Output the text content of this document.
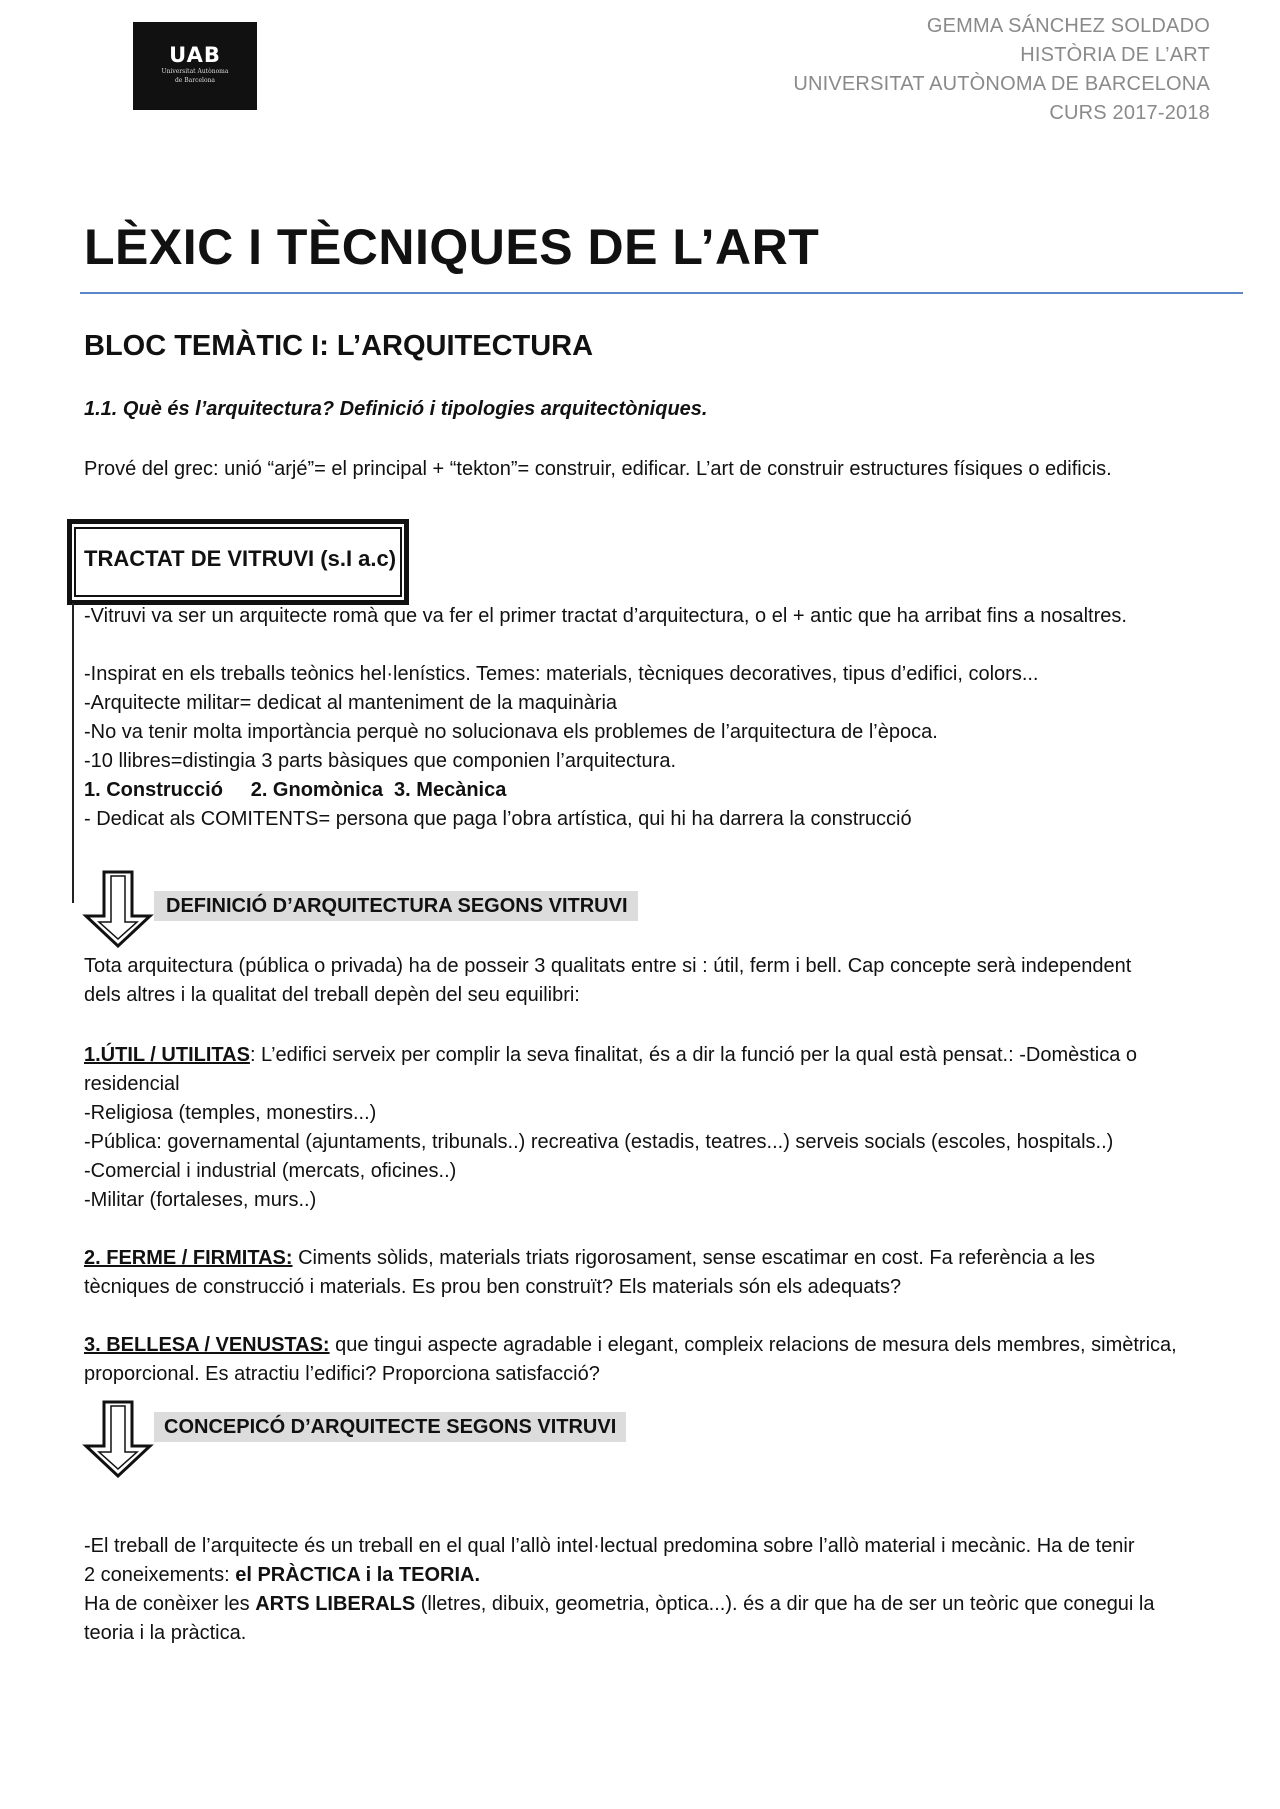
UAB
Universitat Autònoma
de Barcelona
GEMMA SÁNCHEZ SOLDADO
HISTÒRIA DE L’ART
UNIVERSITAT AUTÒNOMA DE BARCELONA
CURS 2017-2018
LÈXIC I TÈCNIQUES DE L’ART
BLOC TEMÀTIC I: L’ARQUITECTURA
1.1. Què és l’arquitectura? Definició i tipologies arquitectòniques.
Prové del grec: unió “arjé”= el principal + “tekton”= construir, edificar. L’art de construir estructures físiques o edificis.
TRACTAT DE VITRUVI (s.I a.c)
-Vitruvi va ser un arquitecte romà que va fer el primer tractat d’arquitectura, o el + antic que ha arribat fins a nosaltres.
-Inspirat en els treballs teònics hel·lenístics. Temes: materials, tècniques decoratives, tipus d’edifici, colors...
-Arquitecte militar= dedicat al manteniment de la maquinària
-No va tenir molta importància perquè no solucionava els problemes de l’arquitectura de l’època.
-10 llibres=distingia 3 parts bàsiques que componien l’arquitectura.
1. Construcció     2. Gnomònica  3. Mecànica
- Dedicat als COMITENTS= persona que paga l’obra artística, qui hi ha darrera la construcció
DEFINICIÓ D’ARQUITECTURA SEGONS VITRUVI
Tota arquitectura (pública o privada) ha de posseir 3 qualitats entre si : útil, ferm i bell. Cap concepte serà independent
dels altres i la qualitat del treball depèn del seu equilibri:
1.ÚTIL / UTILITAS: L’edifici serveix per complir la seva finalitat, és a dir la funció per la qual està pensat.: -Domèstica o
residencial
-Religiosa (temples, monestirs...)
-Pública: governamental (ajuntaments, tribunals..) recreativa (estadis, teatres...) serveis socials (escoles, hospitals..)
-Comercial i industrial (mercats, oficines..)
-Militar (fortaleses, murs..)
2. FERME / FIRMITAS: Ciments sòlids, materials triats rigorosament, sense escatimar en cost. Fa referència a les
tècniques de construcció i materials. Es prou ben construït? Els materials són els adequats?
3. BELLESA / VENUSTAS: que tingui aspecte agradable i elegant, compleix relacions de mesura dels membres, simètrica,
proporcional. Es atractiu l’edifici? Proporciona satisfacció?
CONCEPICÓ D’ARQUITECTE SEGONS VITRUVI
-El treball de l’arquitecte és un treball en el qual l’allò intel·lectual predomina sobre l’allò material i mecànic. Ha de tenir
2 coneixements: el PRÀCTICA i la TEORIA.
Ha de conèixer les ARTS LIBERALS (lletres, dibuix, geometria, òptica...). és a dir que ha de ser un teòric que conegui la
teoria i la pràctica.
